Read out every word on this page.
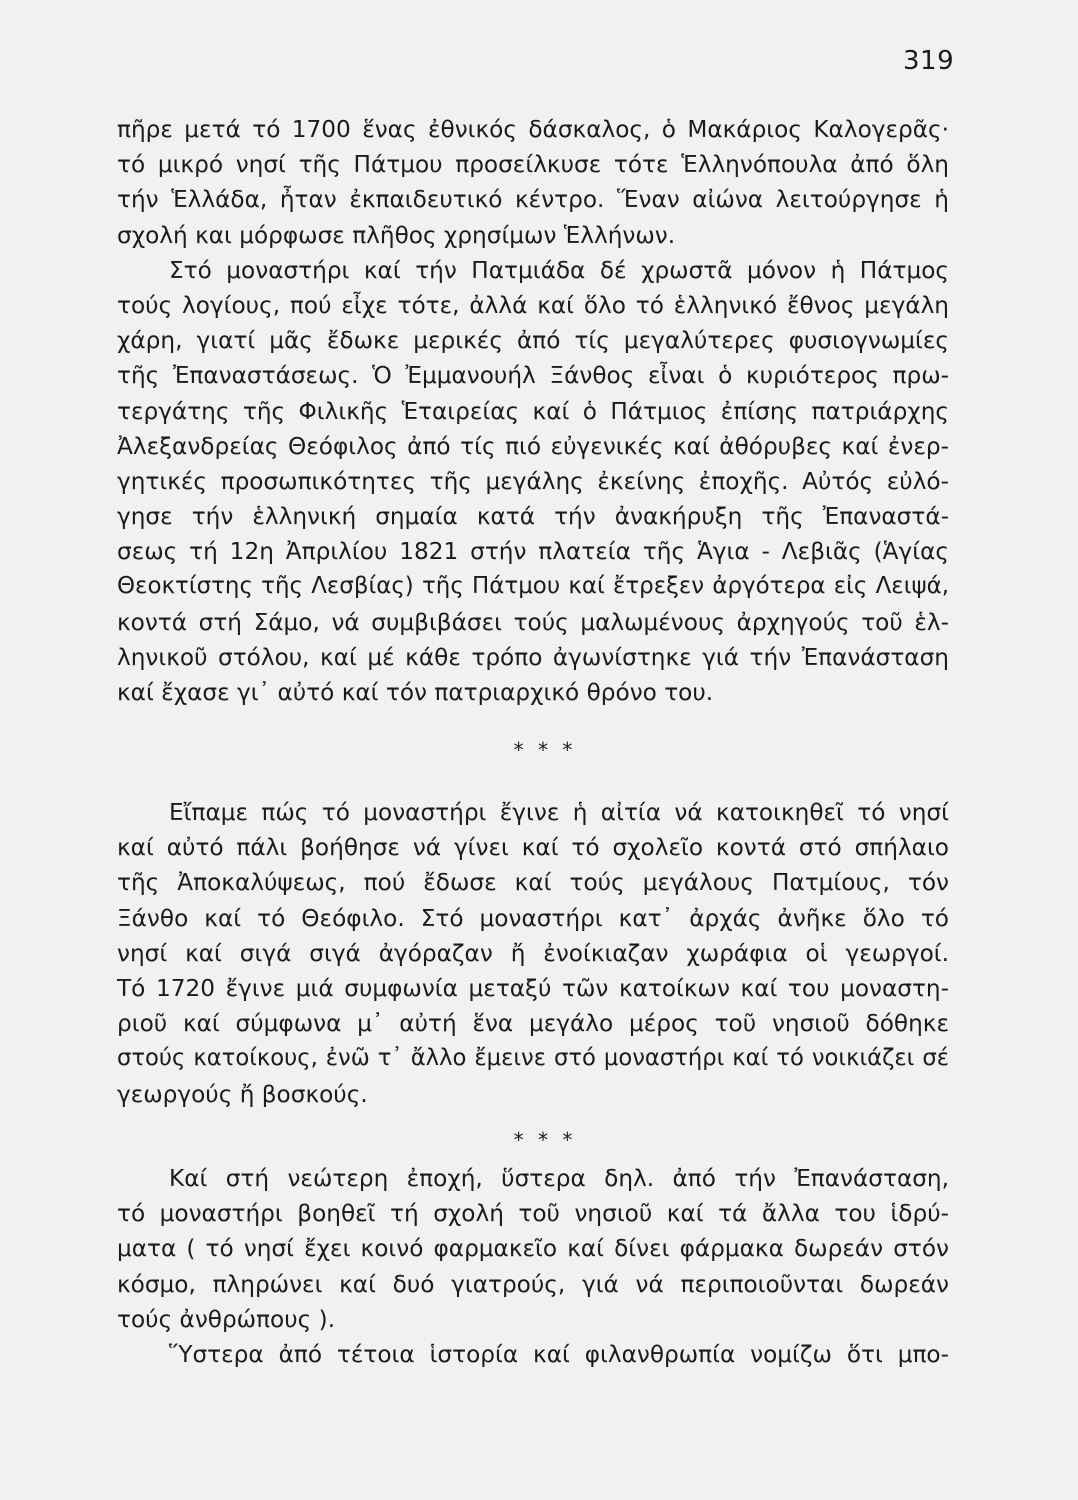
319
πῆρε μετά τό 1700 ἕνας ἐθνικός δάσκαλος, ὁ Μακάριος Καλογερᾶς·
τό μικρό νησί τῆς Πάτμου προσείλκυσε τότε Ἑλληνόπουλα ἀπό ὅλη
τήν Ἑλλάδα, ἦταν ἐκπαιδευτικό κέντρο. Ἕναν αἰώνα λειτούργησε ἡ
σχολή και μόρφωσε πλῆθος χρησίμων Ἑλλήνων.
Στό μοναστήρι καί τήν Πατμιάδα δέ χρωστᾶ μόνον ἡ Πάτμος
τούς λογίους, πού εἶχε τότε, ἀλλά καί ὅλο τό ἑλληνικό ἔθνος μεγάλη
χάρη, γιατί μᾶς ἔδωκε μερικές ἀπό τίς μεγαλύτερες φυσιογνωμίες
τῆς Ἐπαναστάσεως. Ὁ Ἐμμανουήλ Ξάνθος εἶναι ὁ κυριότερος πρω-
τεργάτης τῆς Φιλικῆς Ἑταιρείας καί ὁ Πάτμιος ἐπίσης πατριάρχης
Ἀλεξανδρείας Θεόφιλος ἀπό τίς πιό εὐγενικές καί ἀθόρυβες καί ἐνερ-
γητικές προσωπικότητες τῆς μεγάλης ἐκείνης ἐποχῆς. Αὐτός εὐλό-
γησε τήν ἑλληνική σημαία κατά τήν ἀνακήρυξη τῆς Ἐπαναστά-
σεως τή 12η Ἀπριλίου 1821 στήν πλατεία τῆς Ἁγια - Λεβιᾶς (Ἁγίας
Θεοκτίστης τῆς Λεσβίας) τῆς Πάτμου καί ἔτρεξεν ἀργότερα εἰς Λειψά,
κοντά στή Σάμο, νά συμβιβάσει τούς μαλωμένους ἀρχηγούς τοῦ ἑλ-
ληνικοῦ στόλου, καί μέ κάθε τρόπο ἀγωνίστηκε γιά τήν Ἐπανάσταση
καί ἔχασε γι᾽ αὐτό καί τόν πατριαρχικό θρόνο του.
* * *
Εἴπαμε πώς τό μοναστήρι ἔγινε ἡ αἰτία νά κατοικηθεῖ τό νησί
καί αὐτό πάλι βοήθησε νά γίνει καί τό σχολεῖο κοντά στό σπήλαιο
τῆς Ἀποκαλύψεως, πού ἔδωσε καί τούς μεγάλους Πατμίους, τόν
Ξάνθο καί τό Θεόφιλο. Στό μοναστήρι κατ᾽ ἀρχάς ἀνῆκε ὅλο τό
νησί καί σιγά σιγά ἀγόραζαν ἤ ἐνοίκιαζαν χωράφια οἱ γεωργοί.
Τό 1720 ἔγινε μιά συμφωνία μεταξύ τῶν κατοίκων καί του μοναστη-
ριοῦ καί σύμφωνα μ᾽ αὐτή ἕνα μεγάλο μέρος τοῦ νησιοῦ δόθηκε
στούς κατοίκους, ἐνῶ τ᾽ ἄλλο ἔμεινε στό μοναστήρι καί τό νοικιάζει σέ
γεωργούς ἤ βοσκούς.
* * *
Καί στή νεώτερη ἐποχή, ὕστερα δηλ. ἀπό τήν Ἐπανάσταση,
τό μοναστήρι βοηθεῖ τή σχολή τοῦ νησιοῦ καί τά ἄλλα του ἱδρύ-
ματα ( τό νησί ἔχει κοινό φαρμακεῖο καί δίνει φάρμακα δωρεάν στόν
κόσμο, πληρώνει καί δυό γιατρούς, γιά νά περιποιοῦνται δωρεάν
τούς ἀνθρώπους ).
Ὕστερα ἀπό τέτοια ἱστορία καί φιλανθρωπία νομίζω ὅτι μπο-
